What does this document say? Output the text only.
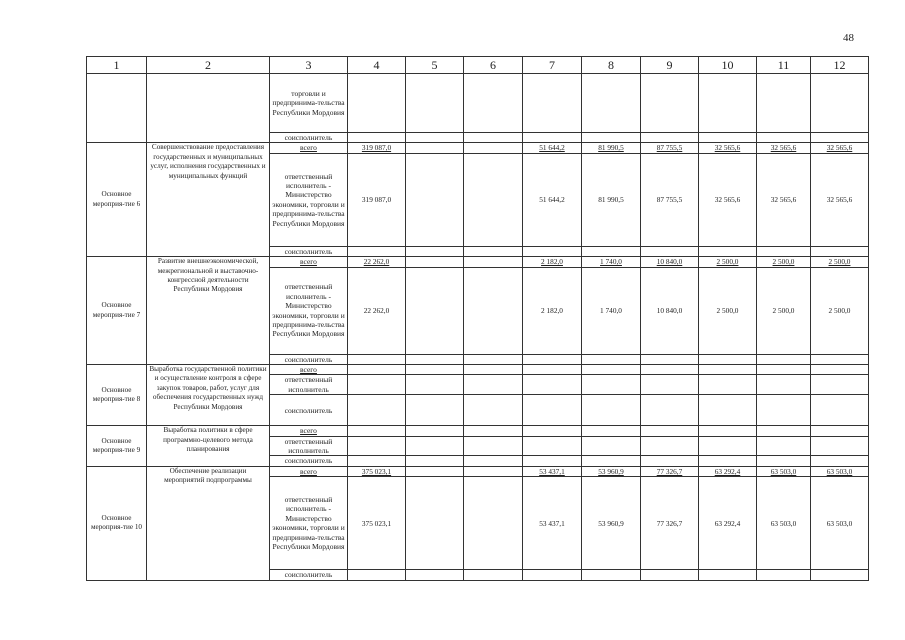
48
1	2	3	4	5	6	7	8	9	10	11	12
		торговли и предпринима-тельства Республики Мордовия									
		соисполнитель									
Основное мероприя-тие 6	Совершенствование предоставления государственных и муниципальных услуг, исполнения государственных и муниципальных функций	всего	319 087,0			51 644,2	81 990,5	87 755,5	32 565,6	32 565,6	32 565,6
		ответственный исполнитель - Министерство экономики, торговли и предпринима-тельства Республики Мордовия	319 087,0			51 644,2	81 990,5	87 755,5	32 565,6	32 565,6	32 565,6
		соисполнитель									
Основное мероприя-тие 7	Развитие внешнеэкономической, межрегиональной и выставочно-конгрессной деятельности Республики Мордовия	всего	22 262,0			2 182,0	1 740,0	10 840,0	2 500,0	2 500,0	2 500,0
		ответственный исполнитель - Министерство экономики, торговли и предпринима-тельства Республики Мордовия	22 262,0			2 182,0	1 740,0	10 840,0	2 500,0	2 500,0	2 500,0
		соисполнитель									
Основное мероприя-тие 8	Выработка государственной политики и осуществление контроля в сфере закупок товаров, работ, услуг для обеспечения государственных нужд Республики Мордовия	всего									
		ответственный исполнитель									
		соисполнитель									
Основное мероприя-тие 9	Выработка политики в сфере программно-целевого метода планирования	всего									
		ответственный исполнитель									
		соисполнитель									
Основное мероприя-тие 10	Обеспечение реализации мероприятий подпрограммы	всего	375 023,1			53 437,1	53 960,9	77 326,7	63 292,4	63 503,0	63 503,0
		ответственный исполнитель - Министерство экономики, торговли и предпринима-тельства Республики Мордовия	375 023,1			53 437,1	53 960,9	77 326,7	63 292,4	63 503,0	63 503,0
		соисполнитель									
